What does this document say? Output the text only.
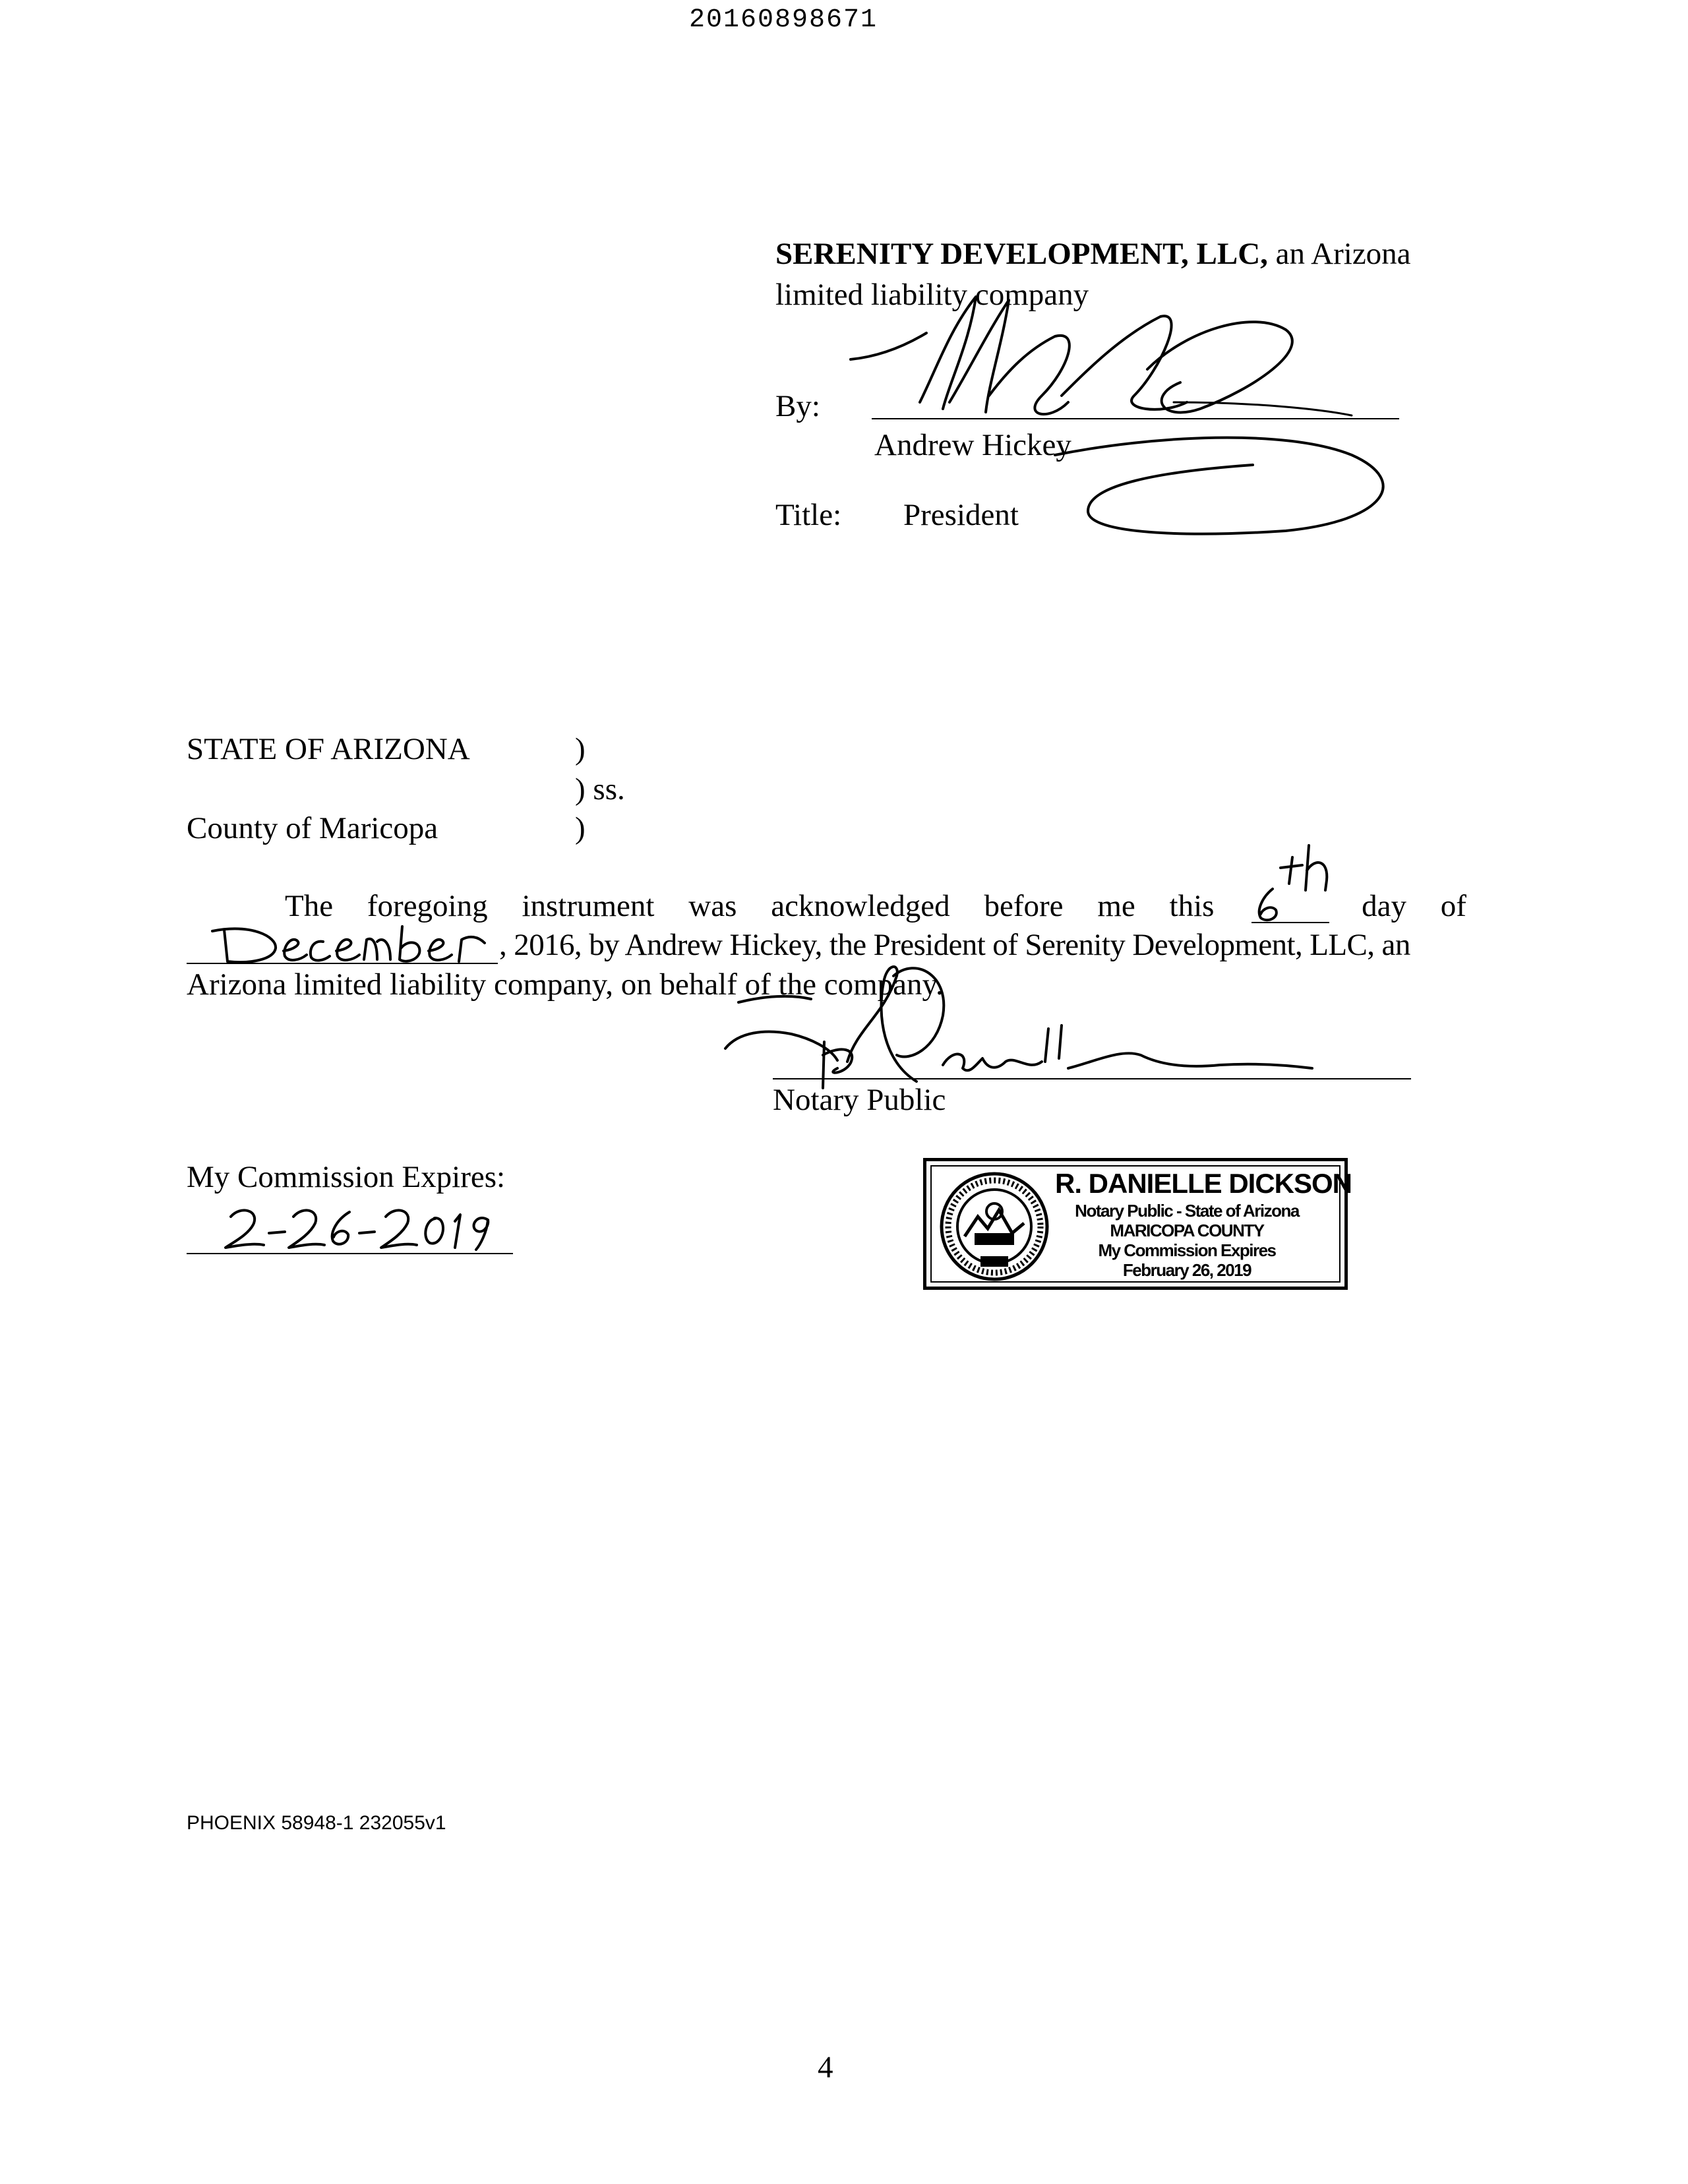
20160898671
SERENITY DEVELOPMENT, LLC, an Arizona
limited liability company
By:
Andrew Hickey
Title: President
STATE OF ARIZONA	)
) ss.
County of Maricopa	)
The foregoing instrument was acknowledged before me this	day of
, 2016, by Andrew Hickey, the President of Serenity Development, LLC, an
Arizona limited liability company, on behalf of the company.
Notary Public
My Commission Expires:	R. DANIELLE DICKSON
Notary Public - State of Arizona
MARICOPA COUNTY
My Commission Expires
February 26, 2019
PHOENIX 58948-1 232055v1
4
